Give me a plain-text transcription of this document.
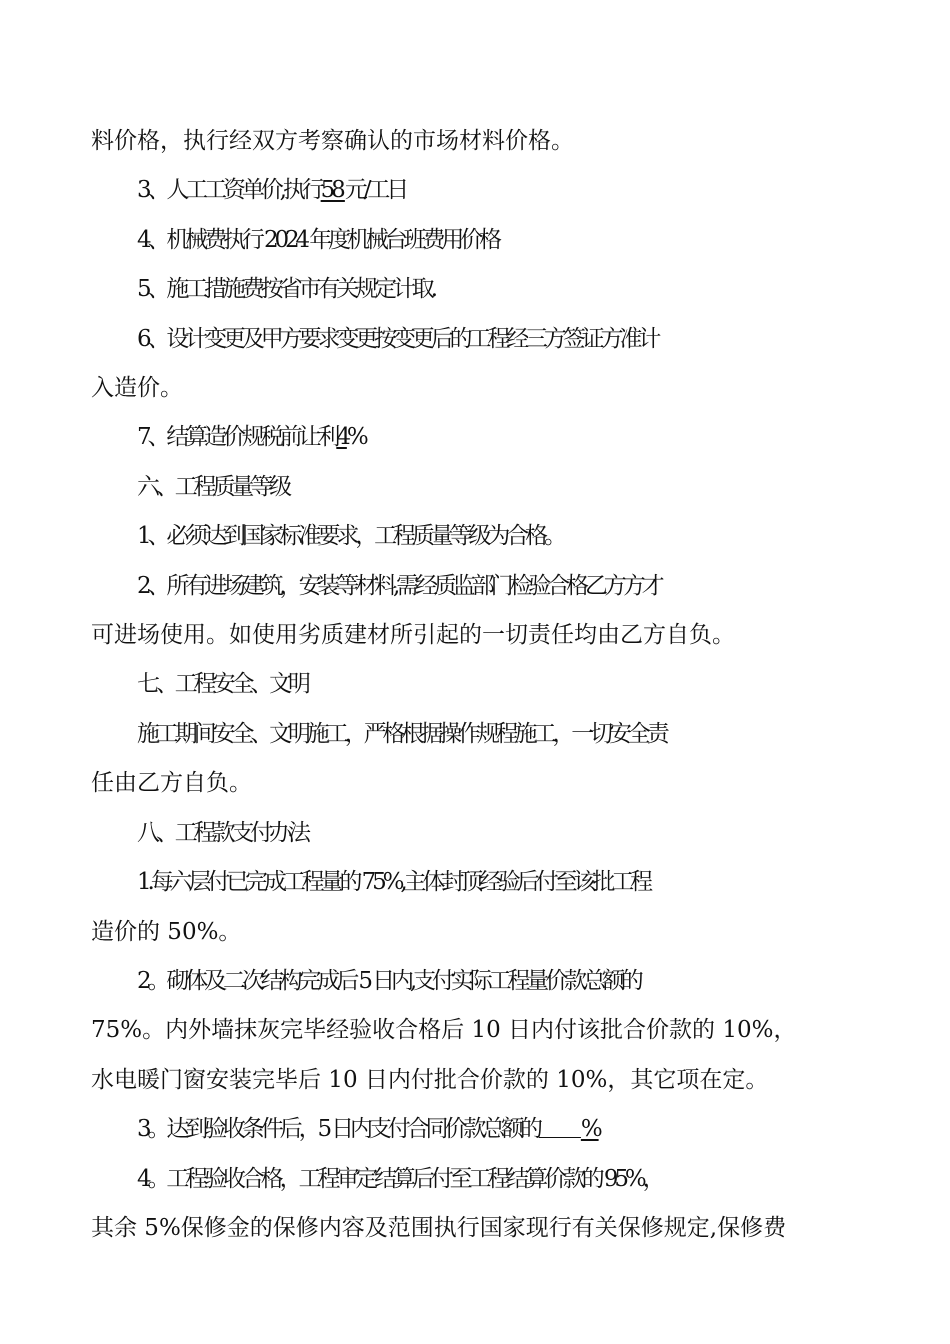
料价格，执行经双方考察确认的市场材料价格。
3、人工工资单价,执行58 元/工日
4、机械费执行 2024 年度机械台班费用价格
5、施工措施费按省市有关规定计取.
6、设计变更及甲方要求变更按变更后的工程经三方签证方准计
入造价。
7、结算造价规税前让利4%
六、工程质量等级
1、必须达到国家标准要求，工程质量等级为合格。
2、所有进场建筑，安装等材料,需经质监部门检验合格乙方方才
可进场使用。如使用劣质建材所引起的一切责任均由乙方自负。
七、工程安全、文明
施工期间安全、文明施工，严格根据操作规程施工，一切安全责
任由乙方自负。
八、工程款支付办法
1.每六层付已完成工程量的 75%,主体封顶经验后付至该批工程
造价的 50%。
2。砌体及二次结构完成后 5 日内,支付实际工程量价款总额的
75%。内外墙抹灰完毕经验收合格后 10 日内付该批合价款的 10%，
水电暖门窗安装完毕后 10 日内付批合价款的 10%，其它项在定。
3。达到验收条件后，5 日内支付合同价款总额的 %
4。工程验收合格，工程审定结算后付至工程结算价款的 95%，
其余 5%保修金的保修内容及范围执行国家现行有关保修规定,保修费
